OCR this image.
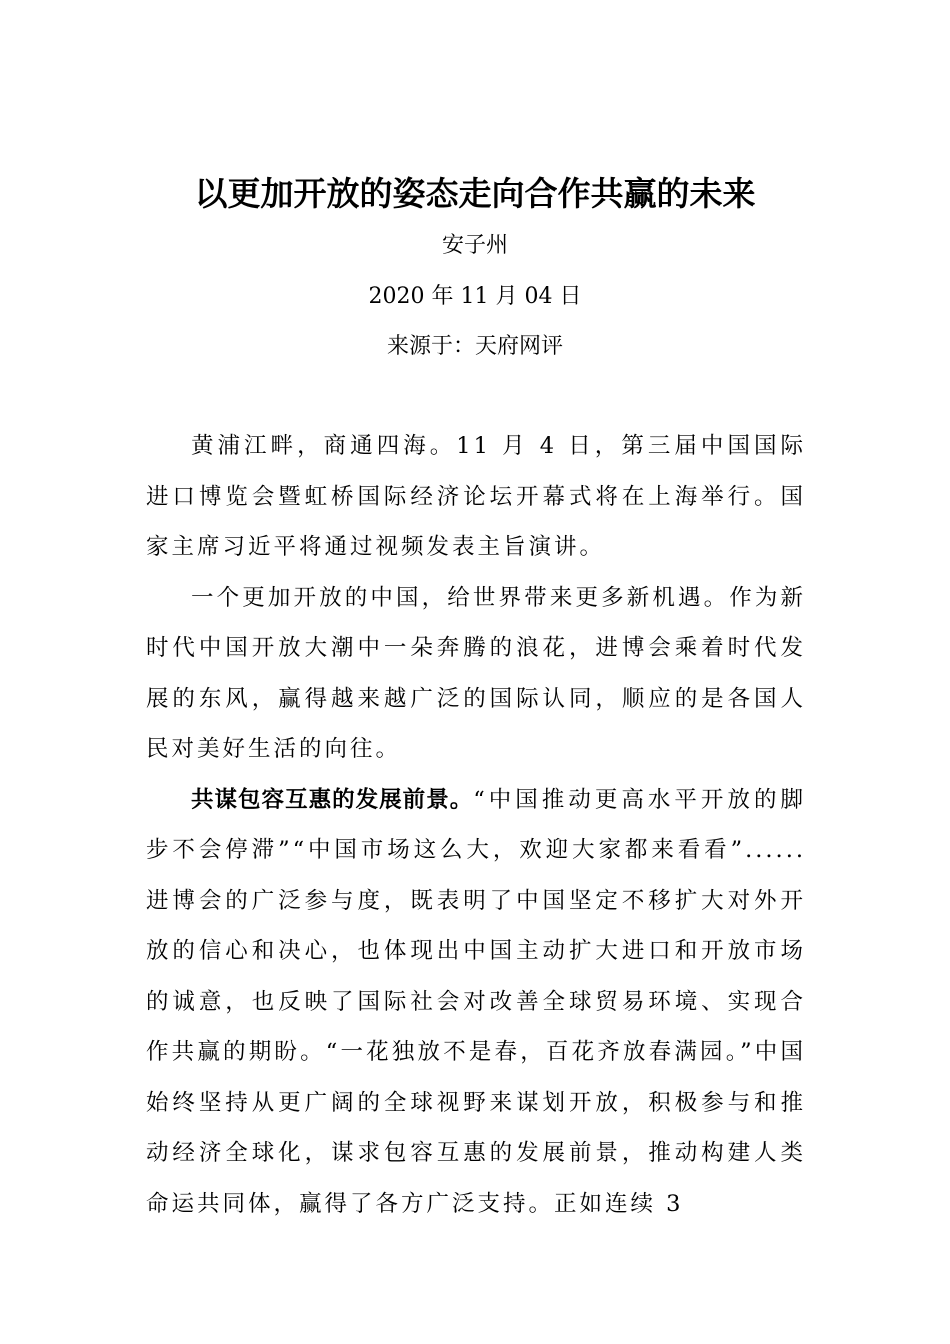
以更加开放的姿态走向合作共赢的未来
安子州
2020 年 11 月 04 日
来源于：天府网评

黄浦江畔，商通四海。11 月 4 日，第三届中国国际进口博览会暨虹桥国际经济论坛开幕式将在上海举行。国家主席习近平将通过视频发表主旨演讲。

一个更加开放的中国，给世界带来更多新机遇。作为新时代中国开放大潮中一朵奔腾的浪花，进博会乘着时代发展的东风，赢得越来越广泛的国际认同，顺应的是各国人民对美好生活的向往。

共谋包容互惠的发展前景。“中国推动更高水平开放的脚步不会停滞”“中国市场这么大，欢迎大家都来看看”......进博会的广泛参与度，既表明了中国坚定不移扩大对外开放的信心和决心，也体现出中国主动扩大进口和开放市场的诚意，也反映了国际社会对改善全球贸易环境、实现合作共赢的期盼。“一花独放不是春，百花齐放春满园。”中国始终坚持从更广阔的全球视野来谋划开放，积极参与和推动经济全球化，谋求包容互惠的发展前景，推动构建人类命运共同体，赢得了各方广泛支持。正如连续 3
